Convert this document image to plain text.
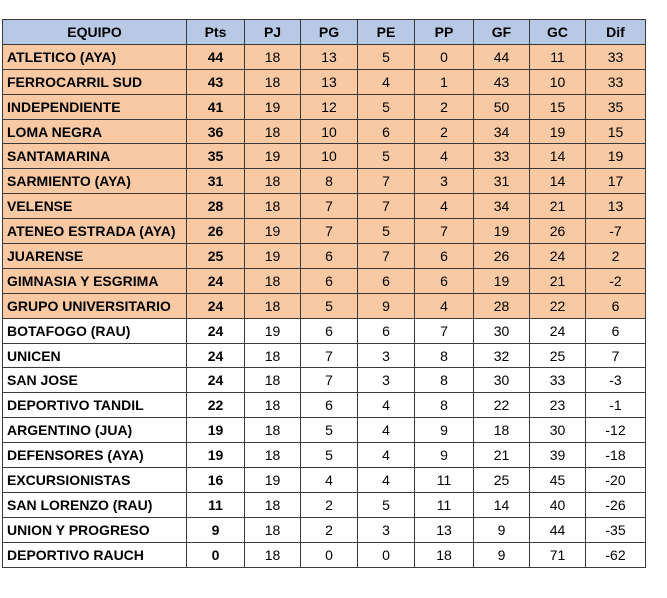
EQUIPO	Pts	PJ	PG	PE	PP	GF	GC	Dif
ATLETICO (AYA)	44	18	13	5	0	44	11	33
FERROCARRIL SUD	43	18	13	4	1	43	10	33
INDEPENDIENTE	41	19	12	5	2	50	15	35
LOMA NEGRA	36	18	10	6	2	34	19	15
SANTAMARINA	35	19	10	5	4	33	14	19
SARMIENTO (AYA)	31	18	8	7	3	31	14	17
VELENSE	28	18	7	7	4	34	21	13
ATENEO ESTRADA (AYA)	26	19	7	5	7	19	26	-7
JUARENSE	25	19	6	7	6	26	24	2
GIMNASIA Y ESGRIMA	24	18	6	6	6	19	21	-2
GRUPO UNIVERSITARIO	24	18	5	9	4	28	22	6
BOTAFOGO (RAU)	24	19	6	6	7	30	24	6
UNICEN	24	18	7	3	8	32	25	7
SAN JOSE	24	18	7	3	8	30	33	-3
DEPORTIVO TANDIL	22	18	6	4	8	22	23	-1
ARGENTINO (JUA)	19	18	5	4	9	18	30	-12
DEFENSORES (AYA)	19	18	5	4	9	21	39	-18
EXCURSIONISTAS	16	19	4	4	11	25	45	-20
SAN LORENZO (RAU)	11	18	2	5	11	14	40	-26
UNION Y PROGRESO	9	18	2	3	13	9	44	-35
DEPORTIVO RAUCH	0	18	0	0	18	9	71	-62
